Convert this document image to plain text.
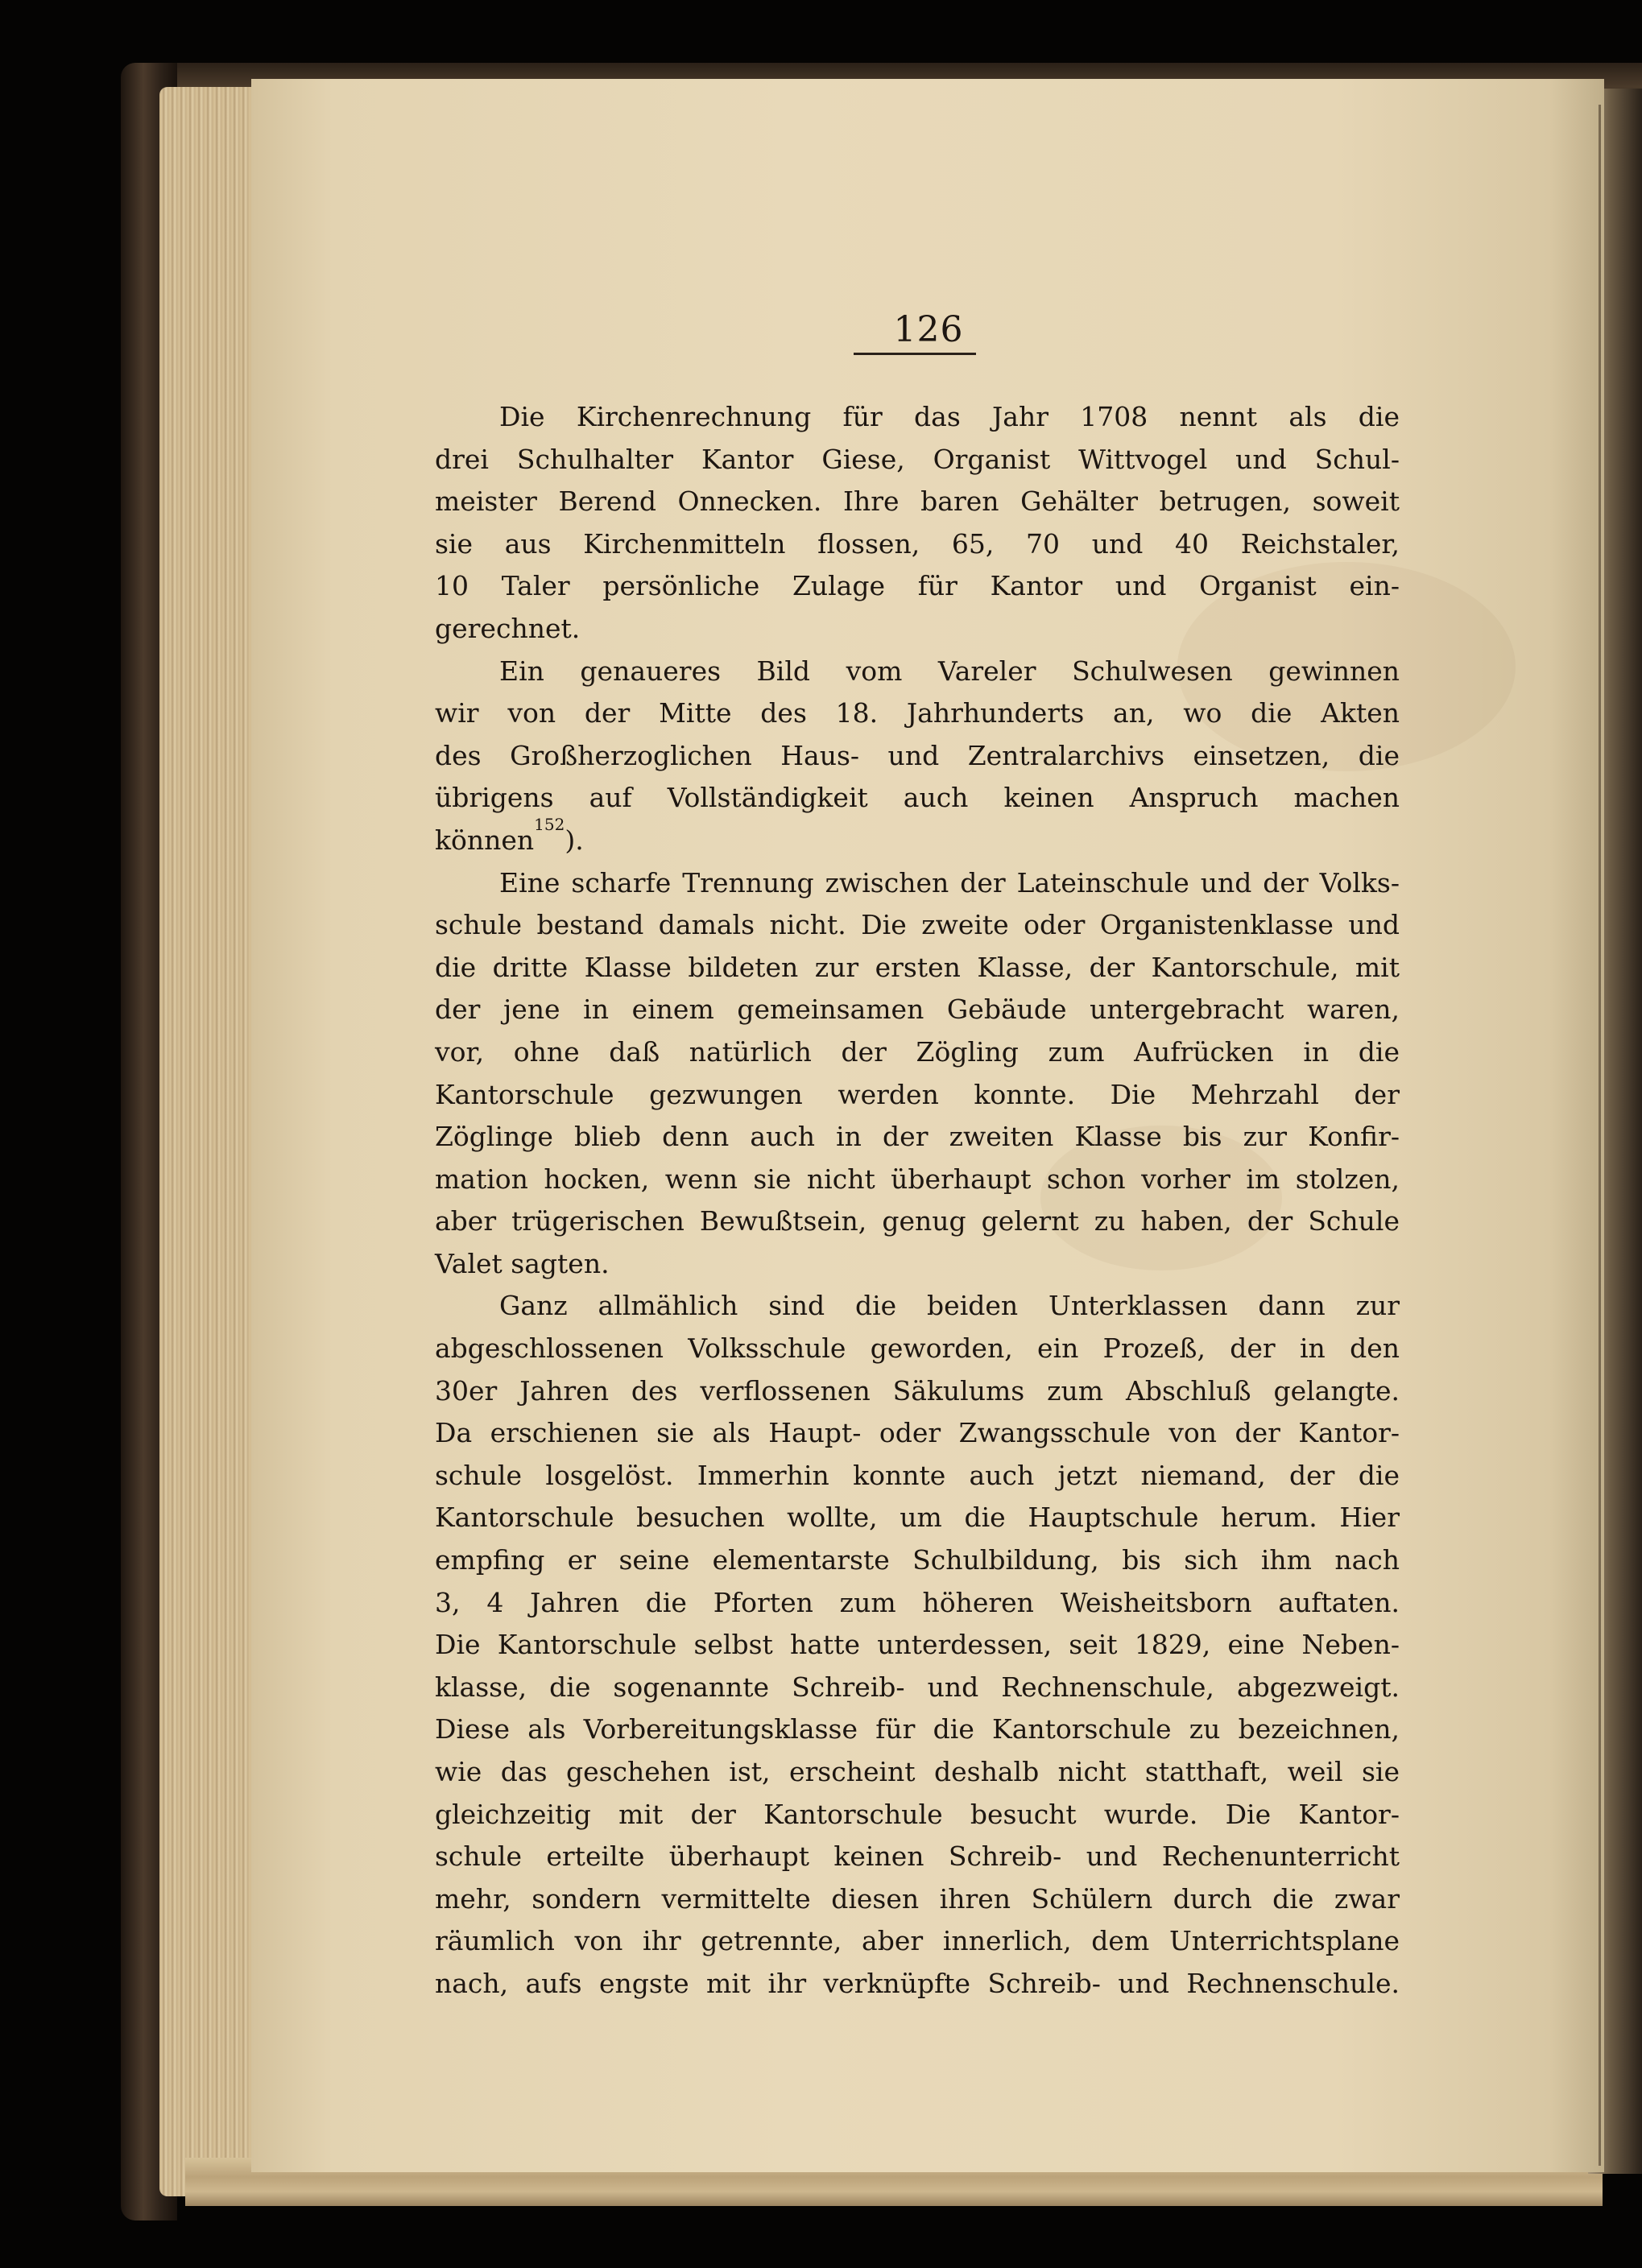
126
Die Kirchenrechnung für das Jahr 1708 nennt als die
drei Schulhalter Kantor Giese, Organist Wittvogel und Schul-
meister Berend Onnecken. Ihre baren Gehälter betrugen, soweit
sie aus Kirchenmitteln flossen, 65, 70 und 40 Reichstaler,
10 Taler persönliche Zulage für Kantor und Organist ein-
gerechnet.
Ein genaueres Bild vom Vareler Schulwesen gewinnen
wir von der Mitte des 18. Jahrhunderts an, wo die Akten
des Großherzoglichen Haus- und Zentralarchivs einsetzen, die
übrigens auf Vollständigkeit auch keinen Anspruch machen
können$^{152}$).
Eine scharfe Trennung zwischen der Lateinschule und der Volks-
schule bestand damals nicht. Die zweite oder Organistenklasse und
die dritte Klasse bildeten zur ersten Klasse, der Kantorschule, mit
der jene in einem gemeinsamen Gebäude untergebracht waren,
vor, ohne daß natürlich der Zögling zum Aufrücken in die
Kantorschule gezwungen werden konnte. Die Mehrzahl der
Zöglinge blieb denn auch in der zweiten Klasse bis zur Konfir-
mation hocken, wenn sie nicht überhaupt schon vorher im stolzen,
aber trügerischen Bewußtsein, genug gelernt zu haben, der Schule
Valet sagten.
Ganz allmählich sind die beiden Unterklassen dann zur
abgeschlossenen Volksschule geworden, ein Prozeß, der in den
30er Jahren des verflossenen Säkulums zum Abschluß gelangte.
Da erschienen sie als Haupt- oder Zwangsschule von der Kantor-
schule losgelöst. Immerhin konnte auch jetzt niemand, der die
Kantorschule besuchen wollte, um die Hauptschule herum. Hier
empfing er seine elementarste Schulbildung, bis sich ihm nach
3, 4 Jahren die Pforten zum höheren Weisheitsborn auftaten.
Die Kantorschule selbst hatte unterdessen, seit 1829, eine Neben-
klasse, die sogenannte Schreib- und Rechnenschule, abgezweigt.
Diese als Vorbereitungsklasse für die Kantorschule zu bezeichnen,
wie das geschehen ist, erscheint deshalb nicht statthaft, weil sie
gleichzeitig mit der Kantorschule besucht wurde. Die Kantor-
schule erteilte überhaupt keinen Schreib- und Rechenunterricht
mehr, sondern vermittelte diesen ihren Schülern durch die zwar
räumlich von ihr getrennte, aber innerlich, dem Unterrichtsplane
nach, aufs engste mit ihr verknüpfte Schreib- und Rechnenschule.
